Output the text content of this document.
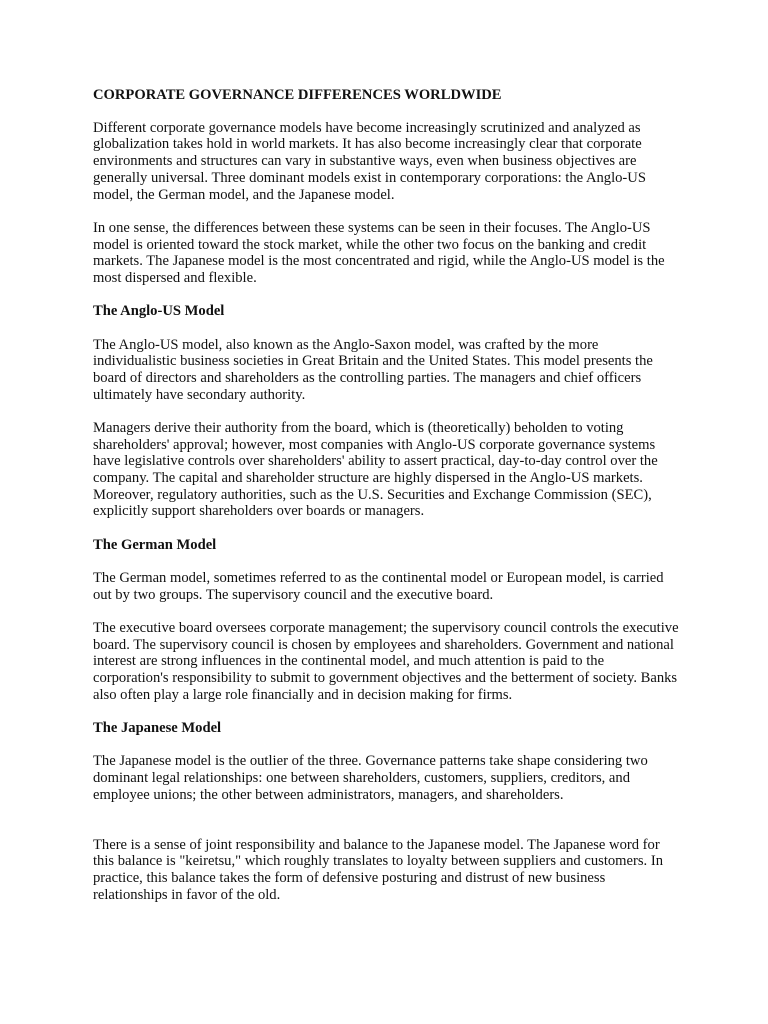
CORPORATE GOVERNANCE DIFFERENCES WORLDWIDE

Different corporate governance models have become increasingly scrutinized and analyzed as globalization takes hold in world markets. It has also become increasingly clear that corporate environments and structures can vary in substantive ways, even when business objectives are generally universal. Three dominant models exist in contemporary corporations: the Anglo-US model, the German model, and the Japanese model.

In one sense, the differences between these systems can be seen in their focuses. The Anglo-US model is oriented toward the stock market, while the other two focus on the banking and credit markets. The Japanese model is the most concentrated and rigid, while the Anglo-US model is the most dispersed and flexible.

The Anglo-US Model

The Anglo-US model, also known as the Anglo-Saxon model, was crafted by the more individualistic business societies in Great Britain and the United States. This model presents the board of directors and shareholders as the controlling parties. The managers and chief officers ultimately have secondary authority.

Managers derive their authority from the board, which is (theoretically) beholden to voting shareholders' approval; however, most companies with Anglo-US corporate governance systems have legislative controls over shareholders' ability to assert practical, day-to-day control over the company. The capital and shareholder structure are highly dispersed in the Anglo-US markets. Moreover, regulatory authorities, such as the U.S. Securities and Exchange Commission (SEC), explicitly support shareholders over boards or managers.

The German Model

The German model, sometimes referred to as the continental model or European model, is carried out by two groups. The supervisory council and the executive board.

The executive board oversees corporate management; the supervisory council controls the executive board. The supervisory council is chosen by employees and shareholders. Government and national interest are strong influences in the continental model, and much attention is paid to the corporation's responsibility to submit to government objectives and the betterment of society. Banks also often play a large role financially and in decision making for firms.

The Japanese Model

The Japanese model is the outlier of the three. Governance patterns take shape considering two dominant legal relationships: one between shareholders, customers, suppliers, creditors, and employee unions; the other between administrators, managers, and shareholders.

There is a sense of joint responsibility and balance to the Japanese model. The Japanese word for this balance is "keiretsu," which roughly translates to loyalty between suppliers and customers. In practice, this balance takes the form of defensive posturing and distrust of new business relationships in favor of the old.
